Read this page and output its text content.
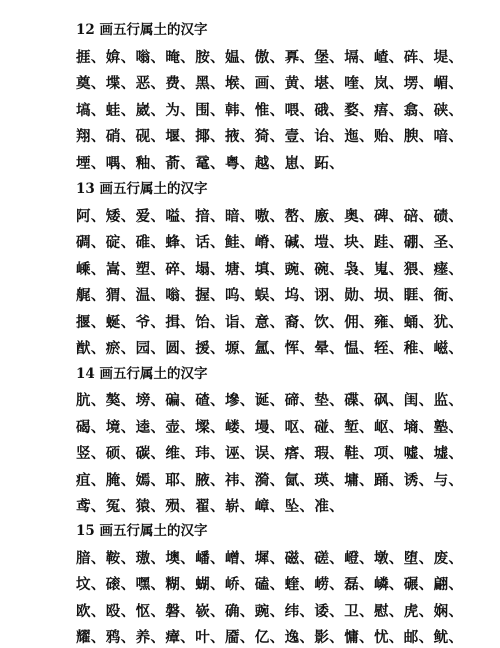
12 画五行属土的汉字
捱、媕、嗡、晻、胺、媪、傲、奡、堡、塥、嵖、砗、堤、
奠、堞、恶、费、黑、堠、画、黄、堪、喹、岚、塄、嵋、
塙、蛙、崴、为、围、韩、惟、喂、硪、婺、痦、翕、硖、
翔、硝、砚、堰、揶、掖、猗、壹、诒、迤、贻、腴、喑、
堙、喁、釉、萮、鼋、粤、越、崽、跖、
13 画五行属土的汉字
阿、矮、爱、嗌、揞、暗、嗷、嶅、廒、奥、碑、碚、碛、
碉、碇、碓、蜂、话、鲑、嵴、碱、塏、块、跬、硼、圣、
嵊、嵩、塑、碎、塌、塘、填、豌、碗、袅、嵬、猥、瘗、
艉、猬、温、嗡、握、呜、蜈、坞、诩、勋、埙、睚、衙、
揠、蜒、爷、揖、饴、诣、意、裔、饮、佣、雍、蛹、犹、
猷、瘀、园、圆、援、塬、氲、恽、晕、愠、轾、稚、嵫、
14 画五行属土的汉字
肮、獒、塝、碥、碴、墋、诞、碲、垫、碟、砜、闺、监、
碣、境、逵、壶、墚、嵝、墁、呕、碰、堑、岖、墒、塾、
竖、硕、碳、维、玮、诬、误、瘩、瑕、鞋、项、嘘、墟、
疽、腌、嫣、耶、腋、祎、漪、氤、瑛、墉、踊、诱、与、
鸢、冤、猿、殒、翟、崭、嶂、坠、准、
15 画五行属土的汉字
腤、鞍、璈、墺、嶓、嶒、墀、磁、磋、嶝、墩、堕、废、
坟、磙、嘿、糊、蝴、峤、磕、蝰、崂、磊、嶙、碾、翩、
欧、殴、怄、磐、嵚、确、豌、纬、诿、卫、慰、虎、娴、
耀、鸦、养、瘴、叶、靥、亿、逸、影、慵、忧、邮、鱿、
